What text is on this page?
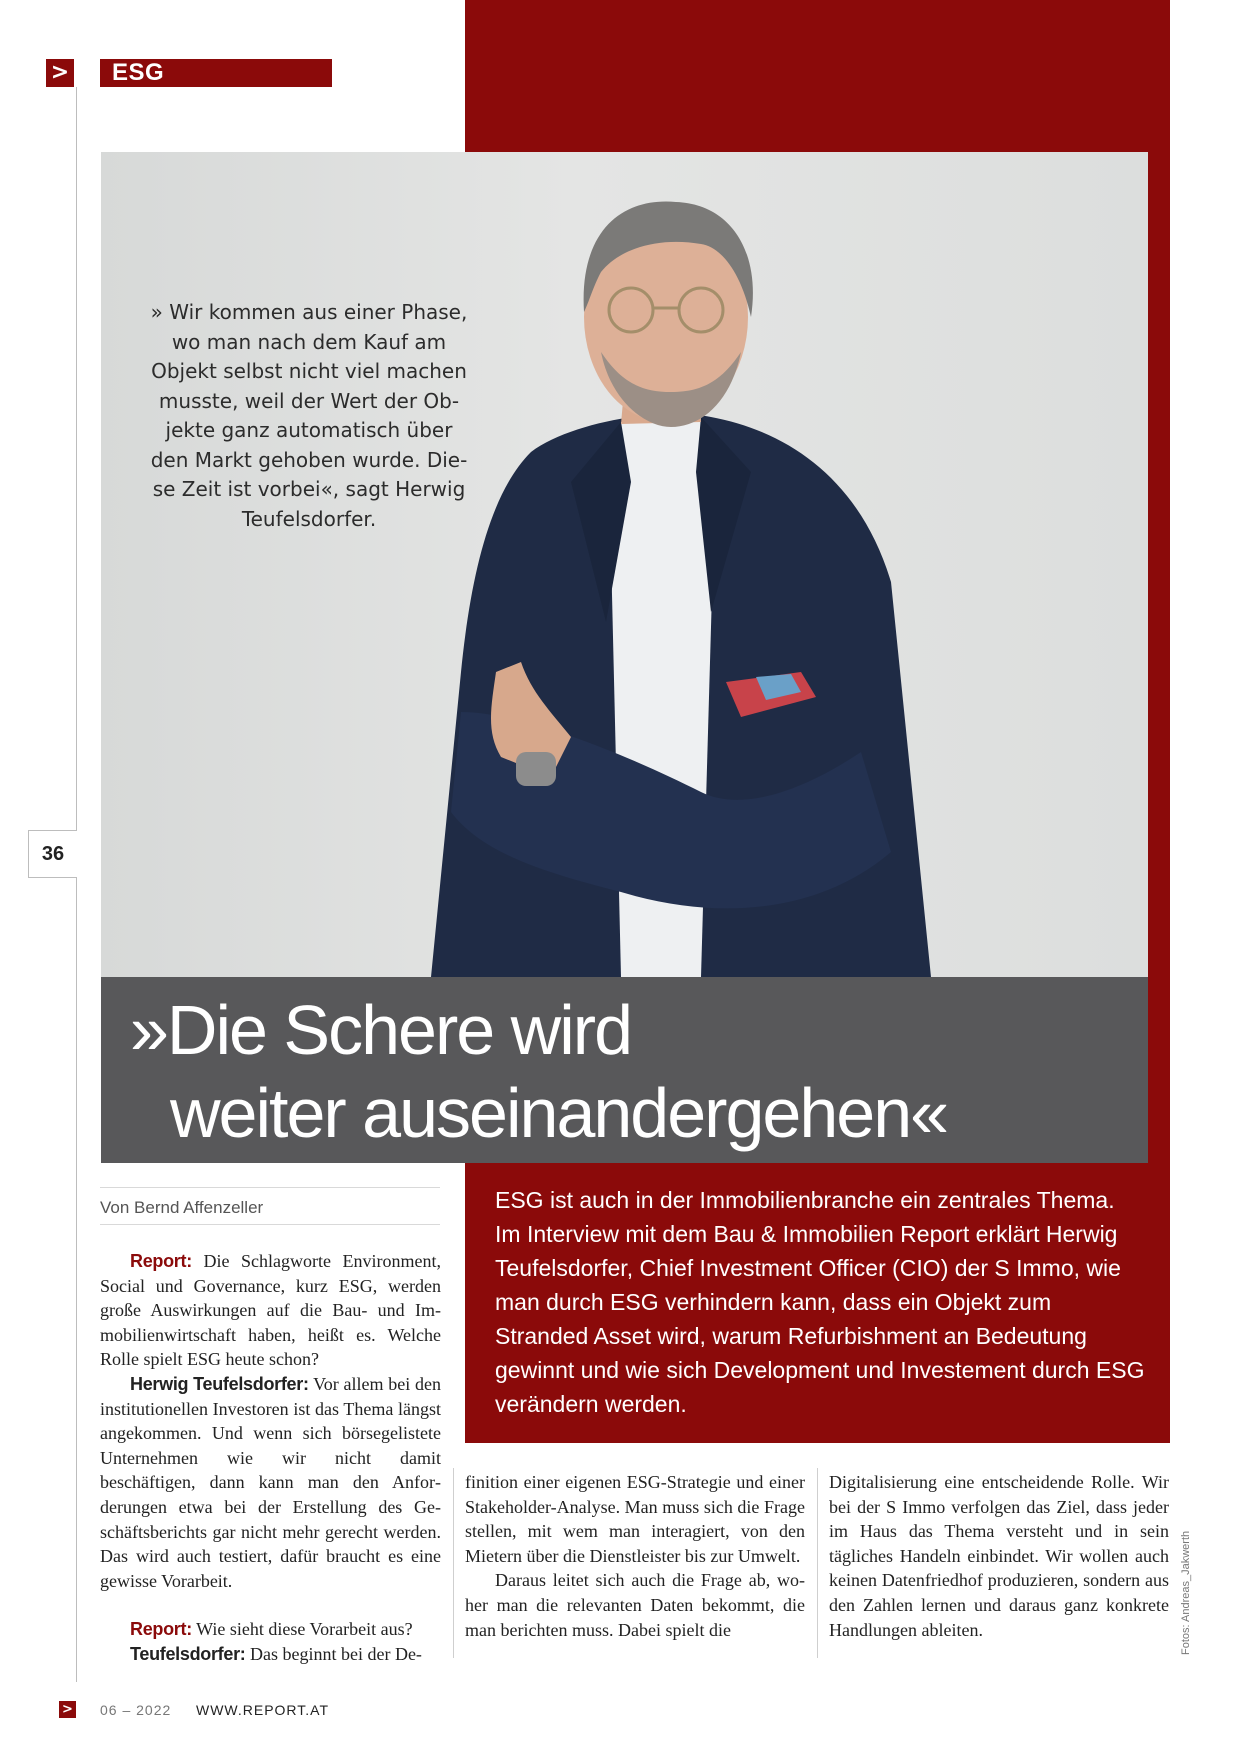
>	ESG
36
» Wir kommen aus einer Phase, wo man nach dem Kauf am Objekt selbst nicht viel machen musste, weil der Wert der Objekte ganz automatisch über den Markt gehoben wurde. Diese Zeit ist vorbei«, sagt Herwig Teufelsdorfer.
»Die Schere wird
weiter auseinandergehen«
ESG ist auch in der Immobilienbranche ein zentrales Thema. Im Interview mit dem Bau & Immobilien Report erklärt Herwig Teufelsdorfer, Chief Investment Officer (CIO) der S Immo, wie man durch ESG verhindern kann, dass ein Objekt zum Stranded Asset wird, warum Refurbishment an Bedeutung gewinnt und wie sich Development und Investement durch ESG verändern werden.
Von Bernd Affenzeller

Report: Die Schlagworte Environment, Social und Governance, kurz ESG, werden große Auswirkungen auf die Bau- und Immobilienwirtschaft haben, heißt es. Welche Rolle spielt ESG heute schon?

Herwig Teufelsdorfer: Vor allem bei den institutionellen Investoren ist das Thema längst angekommen. Und wenn sich börsegelistete Unternehmen wie wir nicht damit beschäftigen, dann kann man den Anforderungen etwa bei der Erstellung des Geschäftsberichts gar nicht mehr gerecht werden. Das wird auch testiert, dafür braucht es eine gewisse Vorarbeit.

Report: Wie sieht diese Vorarbeit aus?

Teufelsdorfer: Das beginnt bei der De-

finition einer eigenen ESG-Strategie und einer Stakeholder-Analyse. Man muss sich die Frage stellen, mit wem man interagiert, von den Mietern über die Dienstleister bis zur Umwelt.

Daraus leitet sich auch die Frage ab, woher man die relevanten Daten bekommt, die man berichten muss. Dabei spielt die

Digitalisierung eine entscheidende Rolle. Wir bei der S Immo verfolgen das Ziel, dass jeder im Haus das Thema versteht und in sein tägliches Handeln einbindet. Wir wollen auch keinen Datenfriedhof produzieren, sondern aus den Zahlen lernen und daraus ganz konkrete Handlungen ableiten.	Fotos: Andreas_Jakwerth
> 06 – 2022 WWW.REPORT.AT
